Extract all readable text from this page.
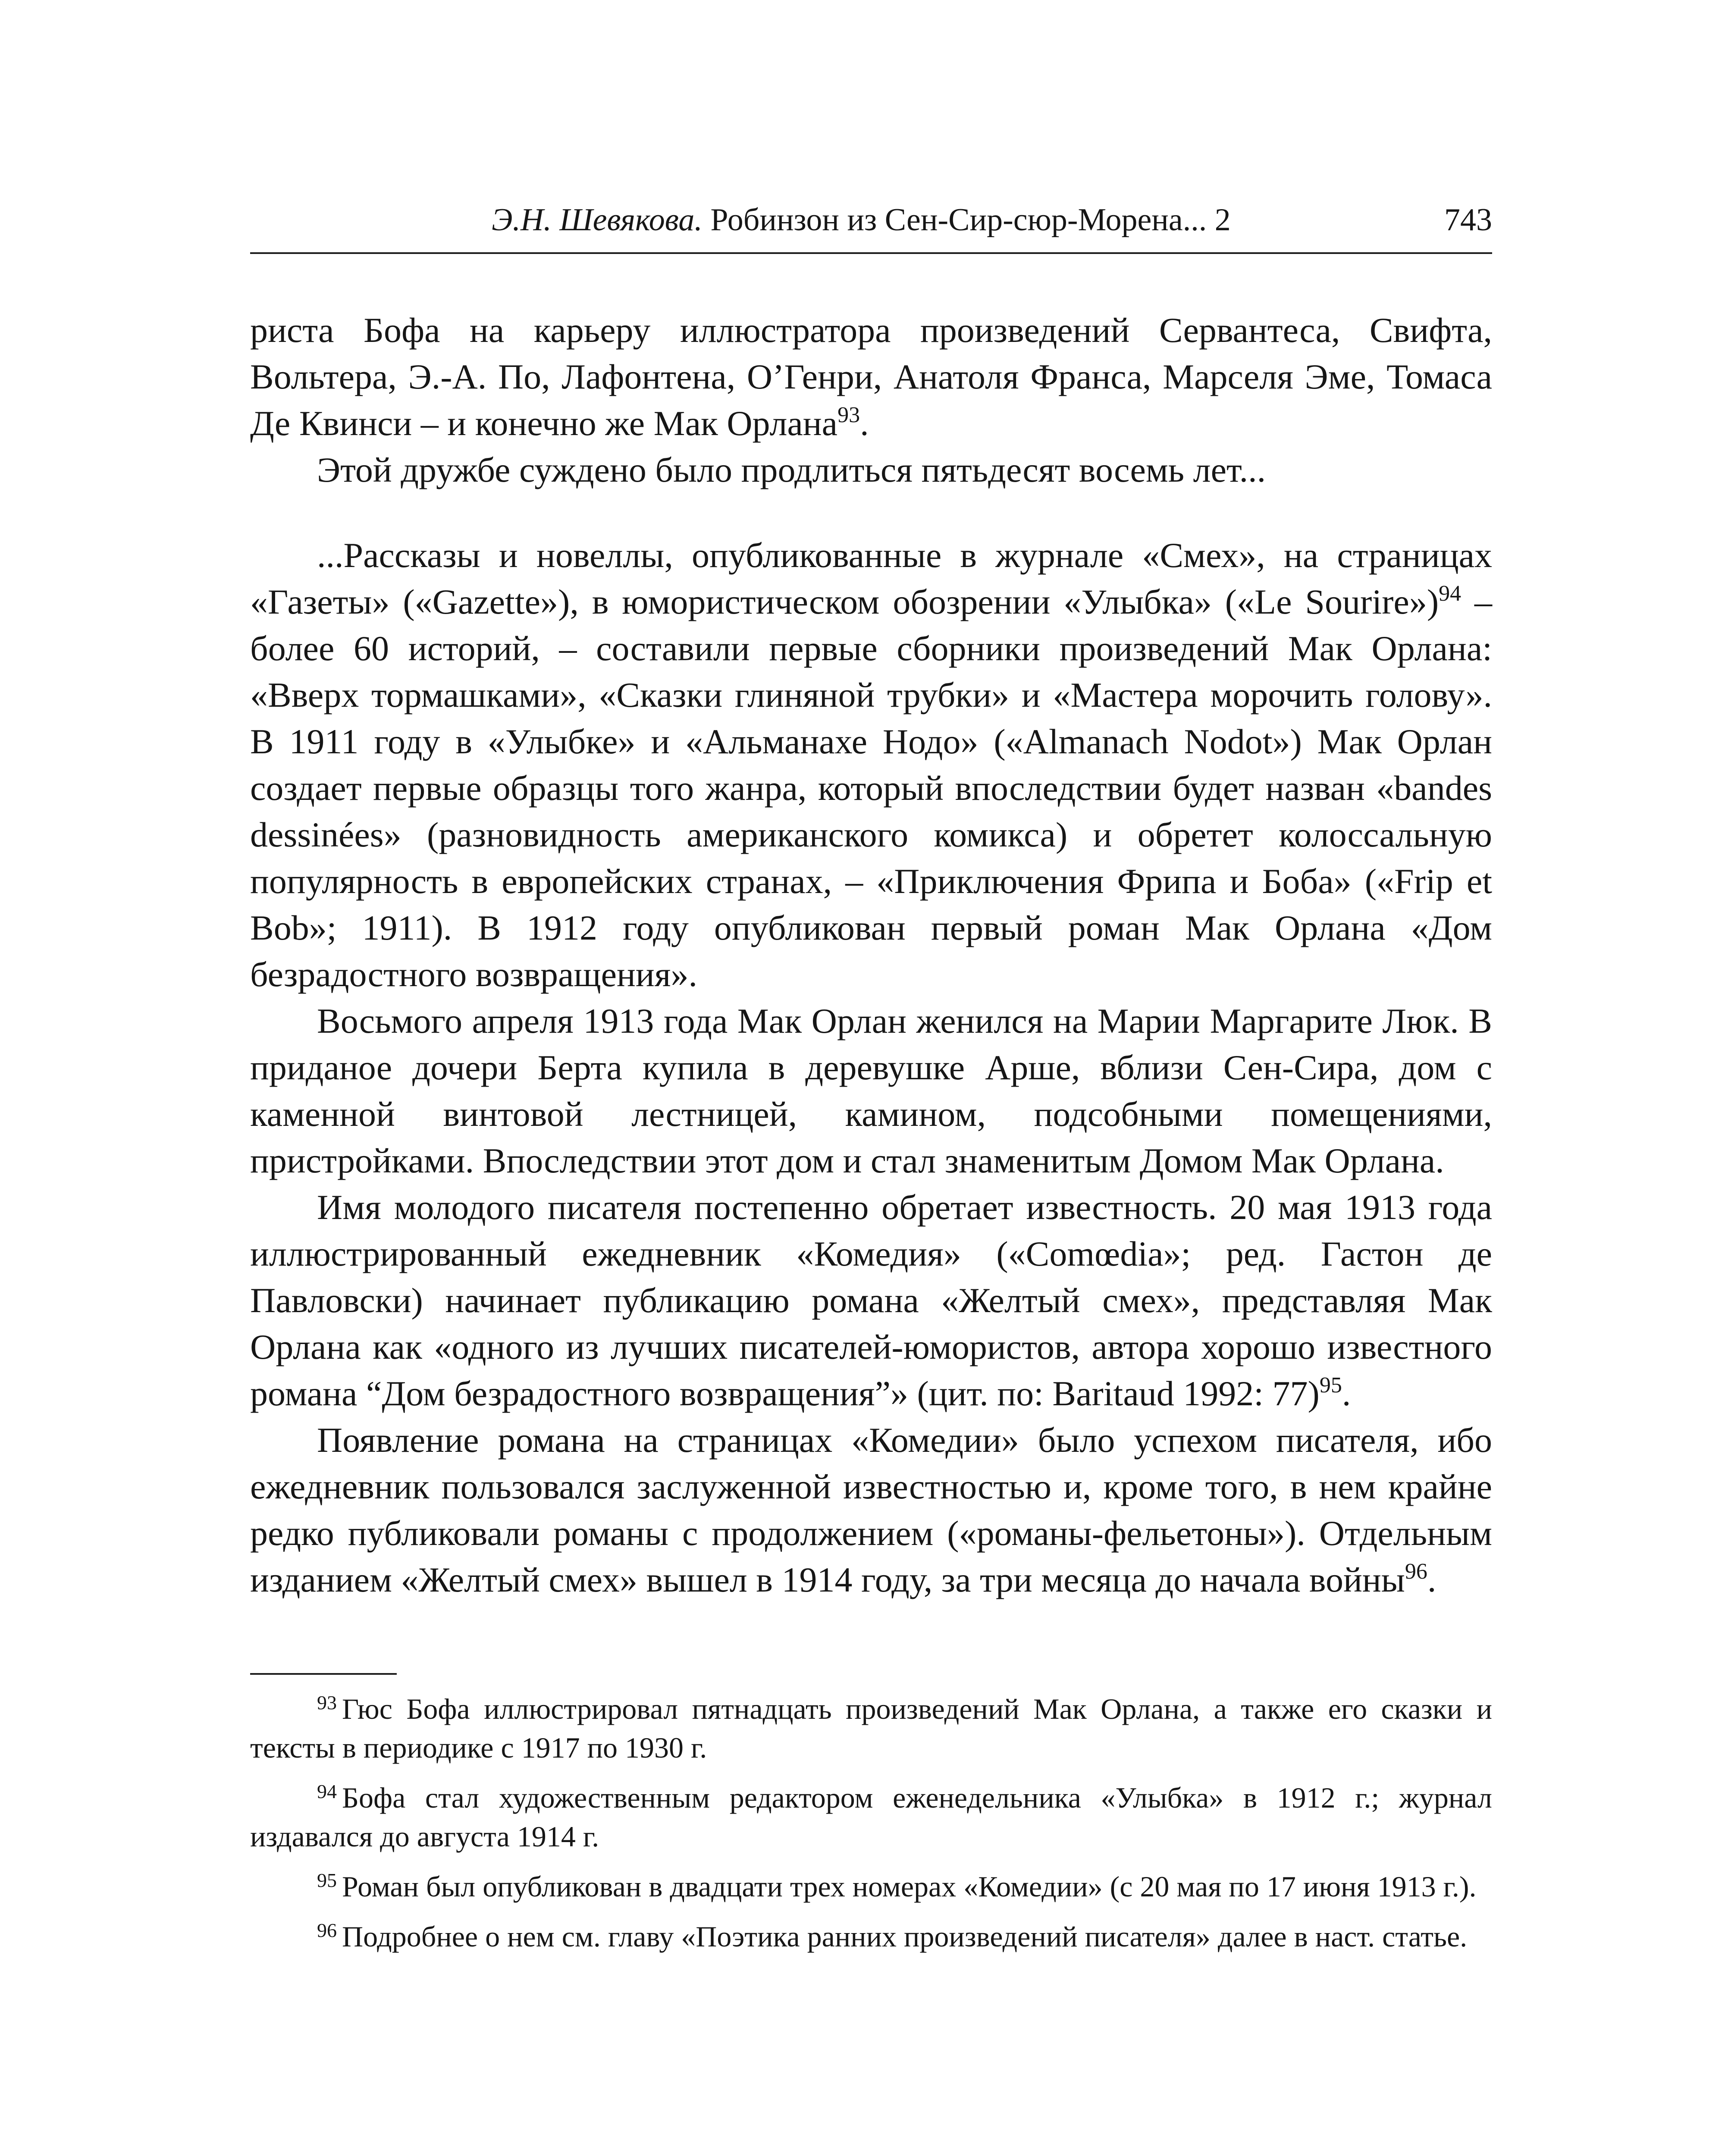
Э.Н. Шевякова. Робинзон из Сен-Сир-сюр-Морена... 2	743

риста Бофа на карьеру иллюстратора произведений Сервантеса, Свифта, Вольтера, Э.-А. По, Лафонтена, О’Генри, Анатоля Франса, Марселя Эме, Томаса Де Квинси – и конечно же Мак Орлана$^{93}$.

Этой дружбе суждено было продлиться пятьдесят восемь лет...

...Рассказы и новеллы, опубликованные в журнале «Смех», на страницах «Газеты» («Gazette»), в юмористическом обозрении «Улыбка» («Le Sourire»)$^{94}$ – более 60 историй, – составили первые сборники произведений Мак Орлана: «Вверх тормашками», «Сказки глиняной трубки» и «Мастера морочить голову». В 1911 году в «Улыбке» и «Альманахе Нодо» («Almanach Nodot») Мак Орлан создает первые образцы того жанра, который впоследствии будет назван «bandes dessinées» (разновидность американского комикса) и обретет колоссальную популярность в европейских странах, – «Приключения Фрипа и Боба» («Frip et Bob»; 1911). В 1912 году опубликован первый роман Мак Орлана «Дом безрадостного возвращения».

Восьмого апреля 1913 года Мак Орлан женился на Марии Маргарите Люк. В приданое дочери Берта купила в деревушке Арше, вблизи Сен-Сира, дом с каменной винтовой лестницей, камином, подсобными помещениями, пристройками. Впоследствии этот дом и стал знаменитым Домом Мак Орлана.

Имя молодого писателя постепенно обретает известность. 20 мая 1913 года иллюстрированный ежедневник «Комедия» («Comœdia»; ред. Гастон де Павловски) начинает публикацию романа «Желтый смех», представляя Мак Орлана как «одного из лучших писателей-юмористов, автора хорошо известного романа “Дом безрадостного возвращения”» (цит. по: Baritaud 1992: 77)$^{95}$.

Появление романа на страницах «Комедии» было успехом писателя, ибо ежедневник пользовался заслуженной известностью и, кроме того, в нем крайне редко публиковали романы с продолжением («романы-фельетоны»). Отдельным изданием «Желтый смех» вышел в 1914 году, за три месяца до начала войны$^{96}$.

$^{93}$ Гюс Бофа иллюстрировал пятнадцать произведений Мак Орлана, а также его сказки и тексты в периодике с 1917 по 1930 г.

$^{94}$ Бофа стал художественным редактором еженедельника «Улыбка» в 1912 г.; журнал издавался до августа 1914 г.

$^{95}$ Роман был опубликован в двадцати трех номерах «Комедии» (с 20 мая по 17 июня 1913 г.).

$^{96}$ Подробнее о нем см. главу «Поэтика ранних произведений писателя» далее в наст. статье.
